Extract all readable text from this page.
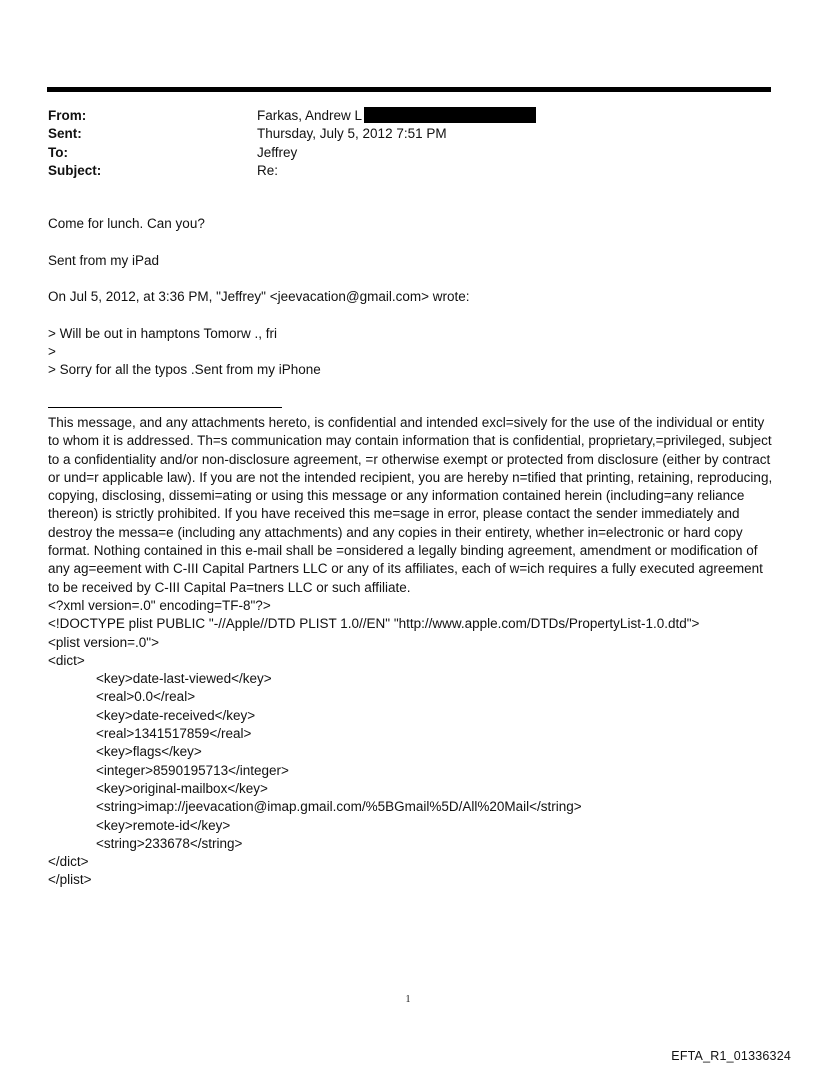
From:	Farkas, Andrew L
Sent:	Thursday, July 5, 2012 7:51 PM
To:	Jeffrey
Subject:	Re:

Come for lunch. Can you?

Sent from my iPad

On Jul 5, 2012, at 3:36 PM, "Jeffrey" <jeevacation@gmail.com> wrote:

> Will be out in hamptons Tomorw ., fri

>

> Sorry for all the typos .Sent from my iPhone

This message, and any attachments hereto, is confidential and intended excl=sively for the use of the individual or entity to whom it is addressed. Th=s communication may contain information that is confidential, proprietary,=privileged, subject to a confidentiality and/or non-disclosure agreement, =r otherwise exempt or protected from disclosure (either by contract or und=r applicable law). If you are not the intended recipient, you are hereby n=tified that printing, retaining, reproducing, copying, disclosing, dissemi=ating or using this message or any information contained herein (including=any reliance thereon) is strictly prohibited. If you have received this me=sage in error, please contact the sender immediately and destroy the messa=e (including any attachments) and any copies in their entirety, whether in=electronic or hard copy format. Nothing contained in this e-mail shall be =onsidered a legally binding agreement, amendment or modification of any ag=eement with C-III Capital Partners LLC or any of its affiliates, each of w=ich requires a fully executed agreement to be received by C-III Capital Pa=tners LLC or such affiliate.

<?xml version=.0" encoding=TF-8"?>

<!DOCTYPE plist PUBLIC "-//Apple//DTD PLIST 1.0//EN" "http://www.apple.com/DTDs/PropertyList-1.0.dtd">

<plist version=.0">

<dict>

<key>date-last-viewed</key>

<real>0.0</real>

<key>date-received</key>

<real>1341517859</real>

<key>flags</key>

<integer>8590195713</integer>

<key>original-mailbox</key>

<string>imap://jeevacation@imap.gmail.com/%5BGmail%5D/All%20Mail</string>

<key>remote-id</key>

<string>233678</string>

</dict>

</plist>

1
EFTA_R1_01336324
